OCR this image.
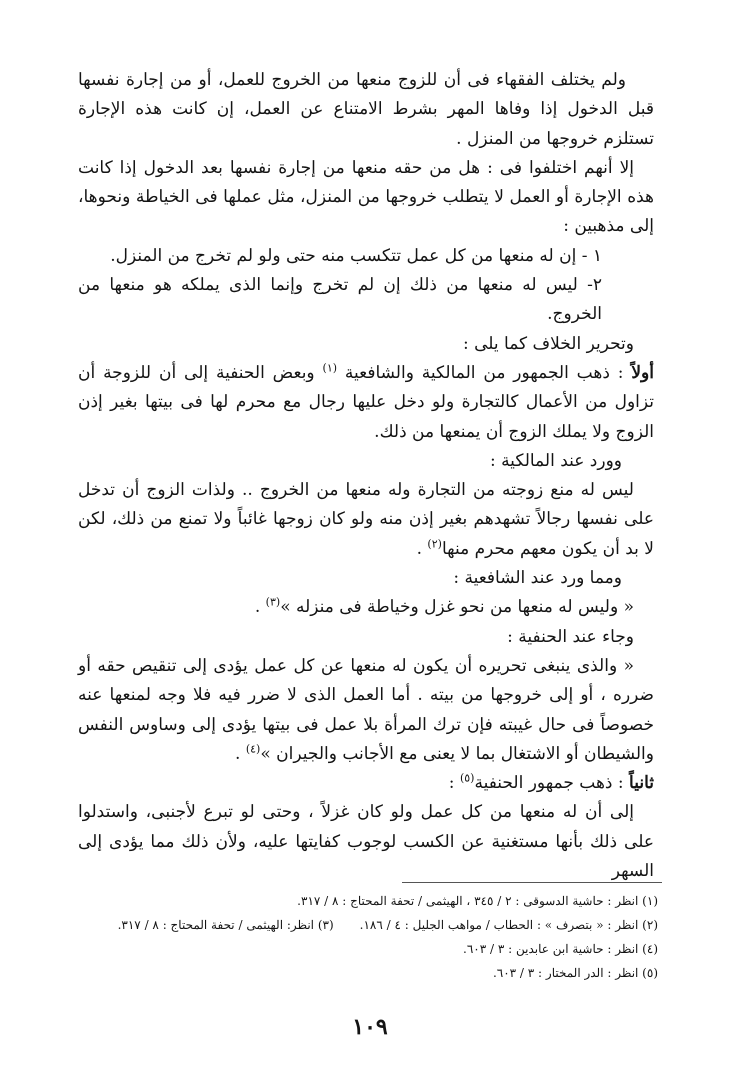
ولم يختلف الفقهاء فى أن للزوج منعها من الخروج للعمل، أو من إجارة نفسها قبل الدخول إذا وفاها المهر بشرط الامتناع عن العمل، إن كانت هذه الإجارة تستلزم خروجها من المنزل .

إلا أنهم اختلفوا فى : هل من حقه منعها من إجارة نفسها بعد الدخول إذا كانت هذه الإجارة أو العمل لا يتطلب خروجها من المنزل، مثل عملها فى الخياطة ونحوها، إلى مذهبين :

١ - إن له منعها من كل عمل تتكسب منه حتى ولو لم تخرج من المنزل.

٢- ليس له منعها من ذلك إن لم تخرج وإنما الذى يملكه هو منعها من الخروج.

وتحرير الخلاف كما يلى :

أولاً : ذهب الجمهور من المالكية والشافعية $^{(١)}$ وبعض الحنفية إلى أن للزوجة أن تزاول من الأعمال كالتجارة ولو دخل عليها رجال مع محرم لها فى بيتها بغير إذن الزوج ولا يملك الزوج أن يمنعها من ذلك.

وورد عند المالكية :

ليس له منع زوجته من التجارة وله منعها من الخروج .. ولذات الزوج أن تدخل على نفسها رجالاً تشهدهم بغير إذن منه ولو كان زوجها غائباً ولا تمنع من ذلك، لكن لا بد أن يكون معهم محرم منها$^{(٢)}$ .

ومما ورد عند الشافعية :

« وليس له منعها من نحو غزل وخياطة فى منزله »$^{(٣)}$ .

وجاء عند الحنفية :

« والذى ينبغى تحريره أن يكون له منعها عن كل عمل يؤدى إلى تنقيص حقه أو ضرره ، أو إلى خروجها من بيته . أما العمل الذى لا ضرر فيه فلا وجه لمنعها عنه خصوصاً فى حال غيبته فإن ترك المرأة بلا عمل فى بيتها يؤدى إلى وساوس النفس والشيطان أو الاشتغال بما لا يعنى مع الأجانب والجيران »$^{(٤)}$ .

ثانياً : ذهب جمهور الحنفية$^{(٥)}$ :

إلى أن له منعها من كل عمل ولو كان غزلاً ، وحتى لو تبرع لأجنبى، واستدلوا على ذلك بأنها مستغنية عن الكسب لوجوب كفايتها عليه، ولأن ذلك مما يؤدى إلى السهر

(١) انظر : حاشية الدسوقى : ٢ / ٣٤٥ ، الهيثمى / تحفة المحتاج : ٨ / ٣١٧.
(٢) انظر : « بتصرف » : الحطاب / مواهب الجليل : ٤ / ١٨٦.
(٣) انظر: الهيثمى / تحفة المحتاج : ٨ / ٣١٧.
(٤) انظر : حاشية ابن عابدين : ٣ / ٦٠٣.
(٥) انظر : الدر المختار : ٣ / ٦٠٣.
١٠٩
